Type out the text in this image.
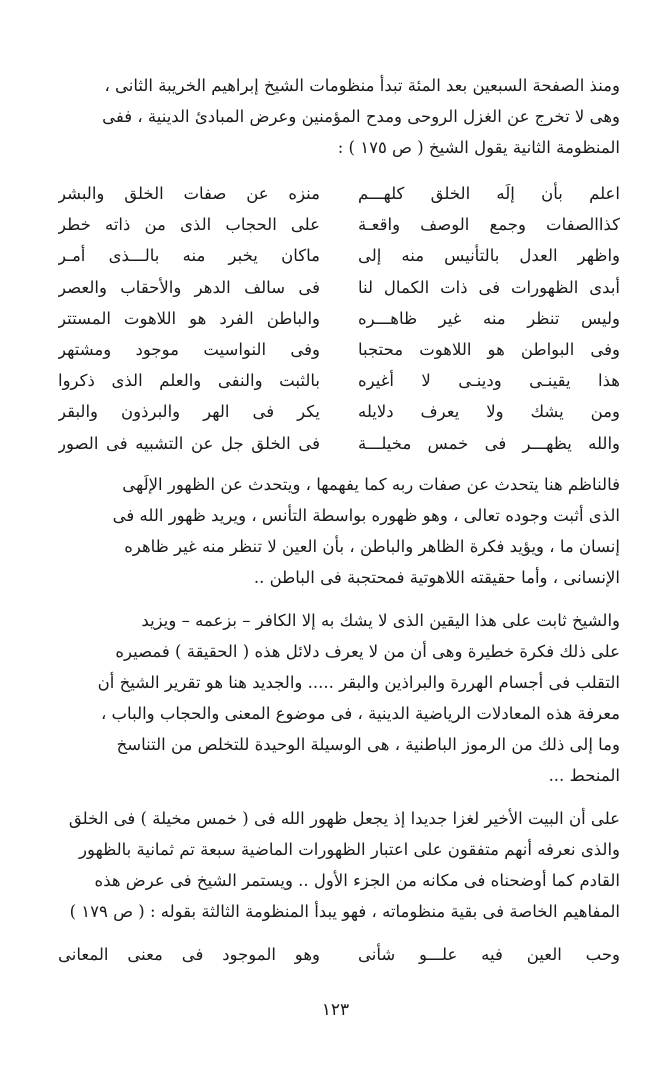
ومنذ الصفحة السبعين بعد المئة تبدأ منظومات الشيخ إبراهيم الخريبة الثانى ،
وهى لا تخرج عن الغزل الروحى ومدح المؤمنين وعرض المبادئ الدينية ، ففى
المنظومة الثانية يقول الشيخ ( ص ١٧٥ ) :
اعلم بأن إلَه الخلق كلهـــم
كذاالصفات وجمع الوصف واقعـة
واظهر العدل بالتأنيس منه إلى
أبدى الظهورات فى ذات الكمال لنا
وليس تنظر منه غير ظاهـــره
وفى البواطن هو اللاهوت محتجبا
هذا يقينـى ودينـى لا أغيره
ومن يشك ولا يعرف دلايله
والله يظهـــر فى خمس مخيلـــة
منزه عن صفات الخلق والبشر
على الحجاب الذى من ذاته خطر
ماكان يخبر منه بالـــذى أمـر
فى سالف الدهر والأحقاب والعصر
والباطن الفرد هو اللاهوت المستتر
وفى النواسيت موجود ومشتهر
بالثبت والنفى والعلم الذى ذكروا
يكر فى الهر والبرذون والبقر
فى الخلق جل عن التشبيه فى الصور
فالناظم هنا يتحدث عن صفات ربه كما يفهمها ، ويتحدث عن الظهور الإلَهى
الذى أثبت وجوده تعالى ، وهو ظهوره بواسطة التأنس ، ويريد ظهور الله فى
إنسان ما ، ويؤيد فكرة الظاهر والباطن ، بأن العين لا تنظر منه غير ظاهره
الإنسانى ، وأما حقيقته اللاهوتية فمحتجبة فى الباطن ..
والشيخ ثابت على هذا اليقين الذى لا يشك به إلا الكافر – بزعمه – ويزيد
على ذلك فكرة خطيرة وهى أن من لا يعرف دلائل هذه ( الحقيقة ) فمصيره
التقلب فى أجسام الهررة والبراذين والبقر ..... والجديد هنا هو تقرير الشيخ أن
معرفة هذه المعادلات الرياضية الدينية ، فى موضوع المعنى والحجاب والباب ،
وما إلى ذلك من الرموز الباطنية ، هى الوسيلة الوحيدة للتخلص من التناسخ
المنحط ...
على أن البيت الأخير لغزا جديدا إذ يجعل ظهور الله فى ( خمس مخيلة ) فى الخلق
والذى نعرفه أنهم متفقون على اعتبار الظهورات الماضية سبعة تم ثمانية بالظهور
القادم كما أوضحناه فى مكانه من الجزء الأول .. ويستمر الشيخ فى عرض هذه
المفاهيم الخاصة فى بقية منظوماته ، فهو يبدأ المنظومة الثالثة بقوله : ( ص ١٧٩ )
وحب العين فيه علـــو شأنى
وهو الموجود فى معنى المعانى
١٢٣
